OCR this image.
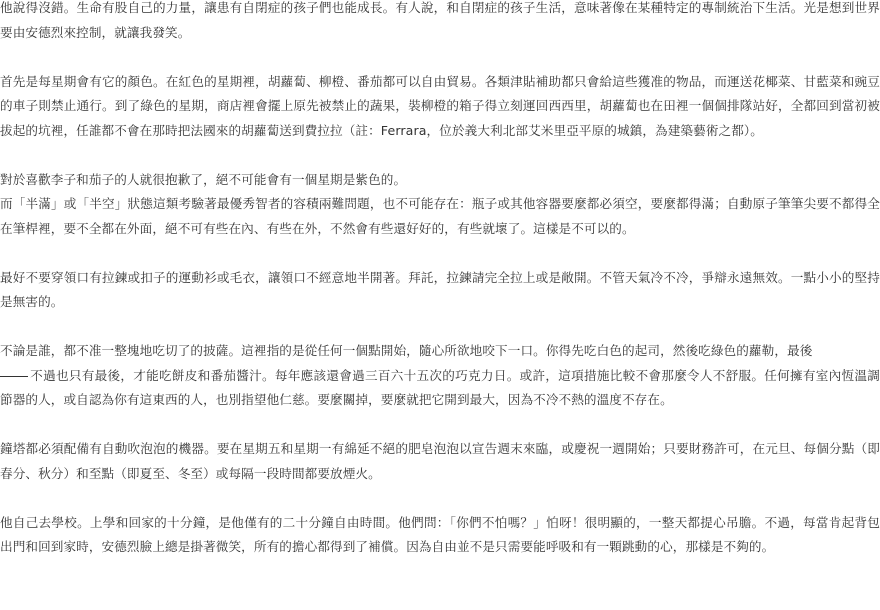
他說得沒錯。生命有股自己的力量，讓患有自閉症的孩子們也能成長。有人說，和自閉症的孩子生活，意味著像在某種特定的專制統治下生活。光是想到世界要由安德烈來控制，就讓我發笑。

首先是每星期會有它的顏色。在紅色的星期裡，胡蘿蔔、柳橙、番茄都可以自由貿易。各類津貼補助都只會給這些獲准的物品，而運送花椰菜、甘藍菜和豌豆的車子則禁止通行。到了綠色的星期，商店裡會擺上原先被禁止的蔬果，裝柳橙的箱子得立刻運回西西里，胡蘿蔔也在田裡一個個排隊站好，全都回到當初被拔起的坑裡，任誰都不會在那時把法國來的胡蘿蔔送到費拉拉（註：Ferrara，位於義大利北部艾米里亞平原的城鎮，為建築藝術之都）。

對於喜歡李子和茄子的人就很抱歉了，絕不可能會有一個星期是紫色的。

而「半滿」或「半空」狀態這類考驗著最優秀智者的容積兩難問題，也不可能存在：瓶子或其他容器要麼都必須空，要麼都得滿；自動原子筆筆尖要不都得全在筆桿裡，要不全都在外面，絕不可有些在內、有些在外，不然會有些還好好的，有些就壞了。這樣是不可以的。

最好不要穿領口有拉鍊或扣子的運動衫或毛衣，讓領口不經意地半開著。拜託，拉鍊請完全拉上或是敞開。不管天氣冷不冷，爭辯永遠無效。一點小小的堅持是無害的。

不論是誰，都不准一整塊地吃切了的披薩。這裡指的是從任何一個點開始，隨心所欲地咬下一口。你得先吃白色的起司，然後吃綠色的蘿勒，最後
不過也只有最後，才能吃餅皮和番茄醬汁。每年應該還會過三百六十五次的巧克力日。或許，這項措施比較不會那麼令人不舒服。任何擁有室內恆溫調節器的人，或自認為你有這東西的人，也別指望他仁慈。要麼關掉，要麼就把它開到最大，因為不冷不熱的溫度不存在。

鐘塔都必須配備有自動吹泡泡的機器。要在星期五和星期一有綿延不絕的肥皂泡泡以宣告週末來臨，或慶祝一週開始；只要財務許可，在元旦、每個分點（即春分、秋分）和至點（即夏至、冬至）或每隔一段時間都要放煙火。

他自己去學校。上學和回家的十分鐘，是他僅有的二十分鐘自由時間。他們問：「你們不怕嗎？」怕呀！很明顯的，一整天都提心吊膽。不過，每當肯起背包出門和回到家時，安德烈臉上總是掛著微笑，所有的擔心都得到了補償。因為自由並不是只需要能呼吸和有一顆跳動的心，那樣是不夠的。
